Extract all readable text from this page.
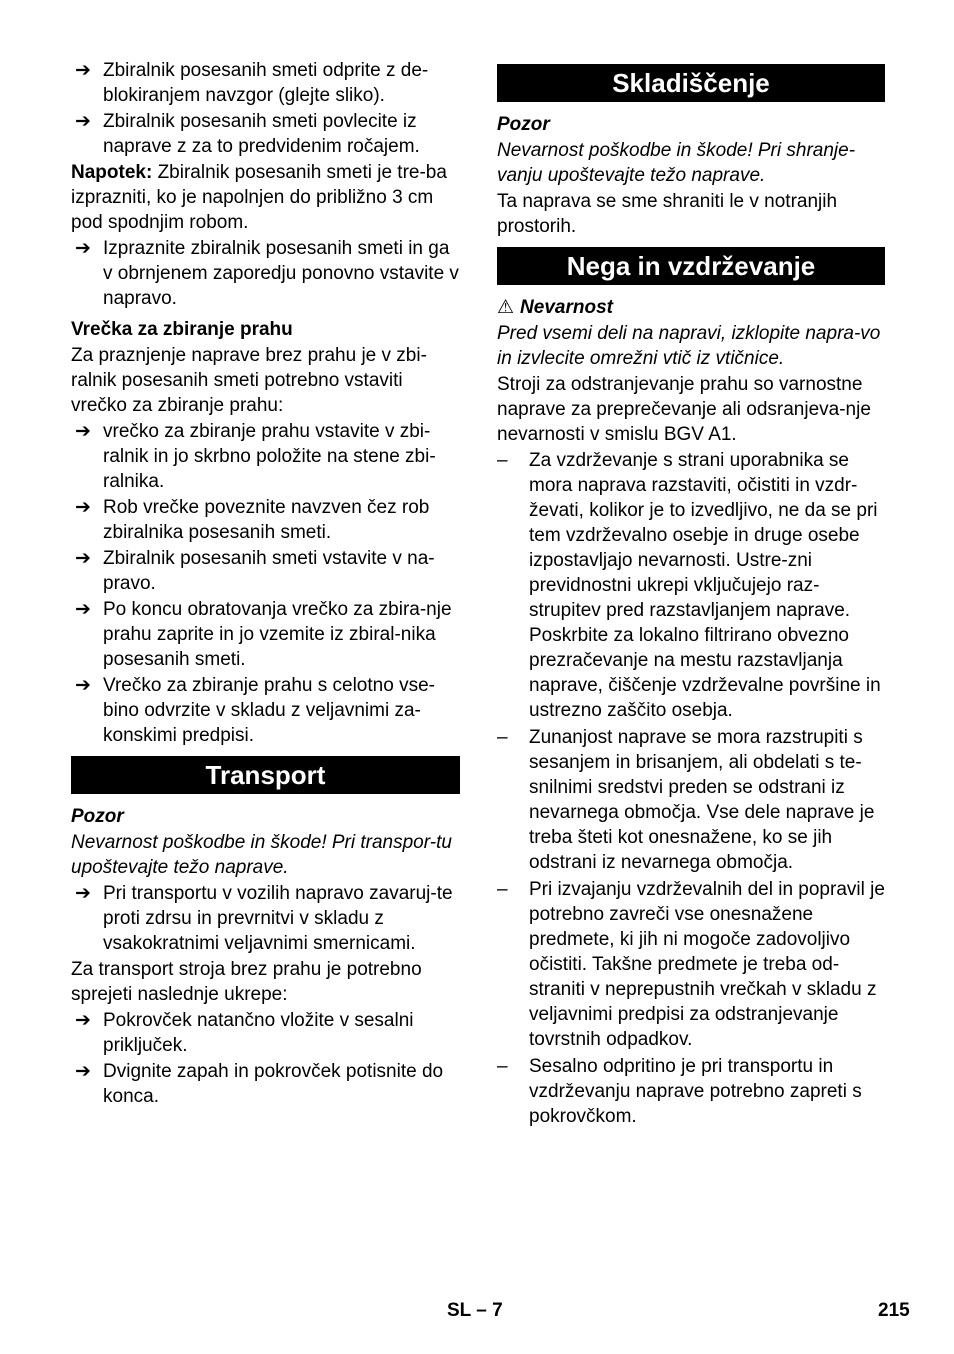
➔ Zbiralnik posesanih smeti odprite z de-blokiranjem navzgor (glejte sliko).
➔ Zbiralnik posesanih smeti povlecite iz naprave z za to predvidenim ročajem.

Napotek: Zbiralnik posesanih smeti je tre-ba izprazniti, ko je napolnjen do približno 3 cm pod spodnjim robom.

➔ Izpraznite zbiralnik posesanih smeti in ga v obrnjenem zaporedju ponovno vstavite v napravo.

Vrečka za zbiranje prahu

Za praznjenje naprave brez prahu je v zbi-ralnik posesanih smeti potrebno vstaviti vrečko za zbiranje prahu:

➔ vrečko za zbiranje prahu vstavite v zbi-ralnik in jo skrbno položite na stene zbi-ralnika.
➔ Rob vrečke poveznite navzven čez rob zbiralnika posesanih smeti.
➔ Zbiralnik posesanih smeti vstavite v na-pravo.
➔ Po koncu obratovanja vrečko za zbira-nje prahu zaprite in jo vzemite iz zbiral-nika posesanih smeti.
➔ Vrečko za zbiranje prahu s celotno vse-bino odvrzite v skladu z veljavnimi za-konskimi predpisi.
Transport

Pozor

Nevarnost poškodbe in škode! Pri transpor-tu upoštevajte težo naprave.

➔ Pri transportu v vozilih napravo zavaruj-te proti zdrsu in prevrnitvi v skladu z vsakokratnimi veljavnimi smernicami.

Za transport stroja brez prahu je potrebno sprejeti naslednje ukrepe:

➔ Pokrovček natančno vložite v sesalni priključek.
➔ Dvignite zapah in pokrovček potisnite do konca.
Skladiščenje

Pozor

Nevarnost poškodbe in škode! Pri shranje-vanju upoštevajte težo naprave.

Ta naprava se sme shraniti le v notranjih prostorih.

Nega in vzdrževanje

⚠ Nevarnost

Pred vsemi deli na napravi, izklopite napra-vo in izvlecite omrežni vtič iz vtičnice.

Stroji za odstranjevanje prahu so varnostne naprave za preprečevanje ali odsranjeva-nje nevarnosti v smislu BGV A1.

– Za vzdrževanje s strani uporabnika se mora naprava razstaviti, očistiti in vzdr-ževati, kolikor je to izvedljivo, ne da se pri tem vzdrževalno osebje in druge osebe izpostavljajo nevarnosti. Ustre-zni previdnostni ukrepi vključujejo raz-strupitev pred razstavljanjem naprave. Poskrbite za lokalno filtrirano obvezno prezračevanje na mestu razstavljanja naprave, čiščenje vzdrževalne površine in ustrezno zaščito osebja.
– Zunanjost naprave se mora razstrupiti s sesanjem in brisanjem, ali obdelati s te-snilnimi sredstvi preden se odstrani iz nevarnega območja. Vse dele naprave je treba šteti kot onesnažene, ko se jih odstrani iz nevarnega območja.
– Pri izvajanju vzdrževalnih del in popravil je potrebno zavreči vse onesnažene predmete, ki jih ni mogoče zadovoljivo očistiti. Takšne predmete je treba od-straniti v neprepustnih vrečkah v skladu z veljavnimi predpisi za odstranjevanje tovrstnih odpadkov.
– Sesalno odpritino je pri transportu in vzdrževanju naprave potrebno zapreti s pokrovčkom.
SL – 7	215
